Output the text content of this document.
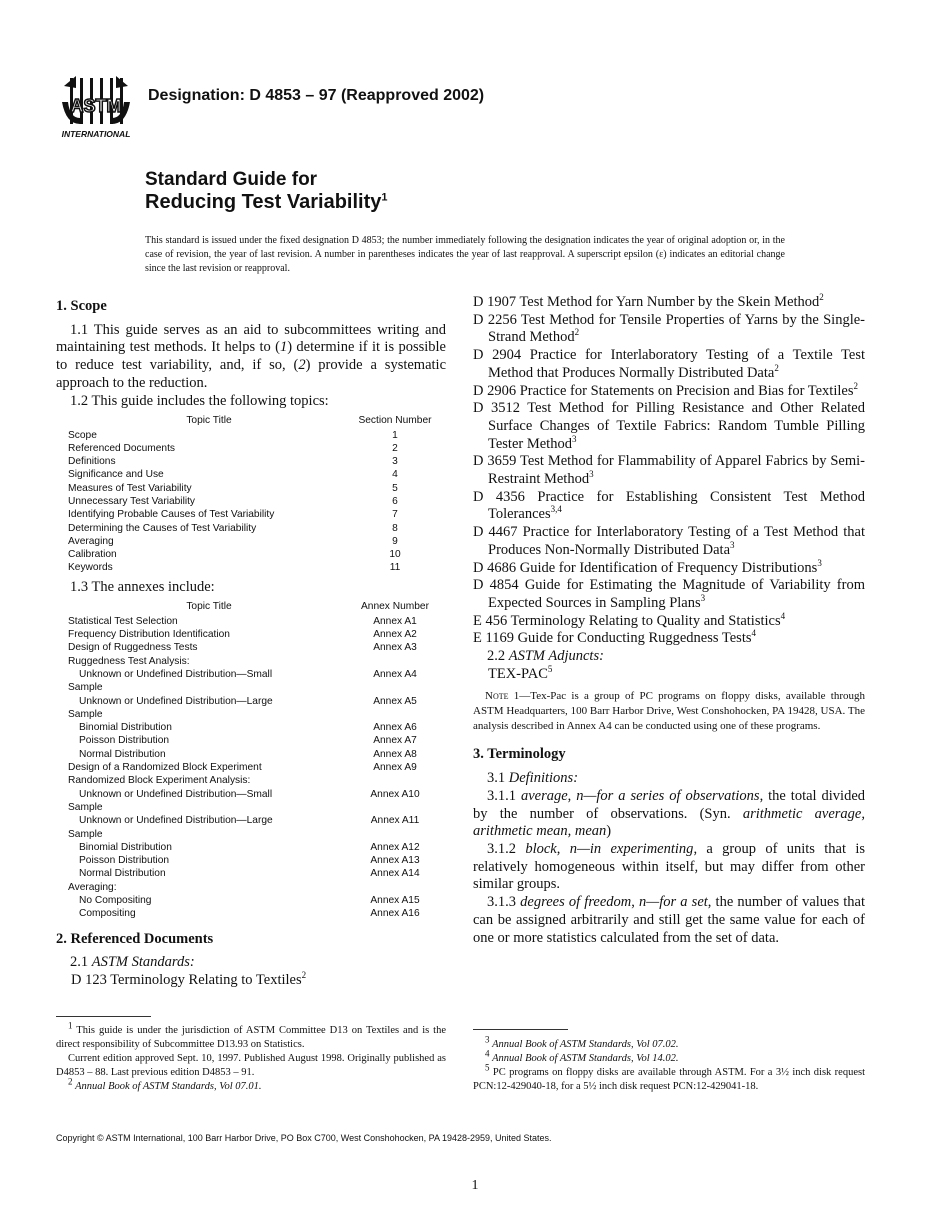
ASTM
INTERNATIONAL
Designation: D 4853 – 97 (Reapproved 2002)
Standard Guide for
Reducing Test Variability$^1$
This standard is issued under the fixed designation D 4853; the number immediately following the designation indicates the year of original adoption or, in the case of revision, the year of last revision. A number in parentheses indicates the year of last reapproval. A superscript epsilon (ε) indicates an editorial change since the last revision or reapproval.
1. Scope
1.1 This guide serves as an aid to subcommittees writing and maintaining test methods. It helps to (1) determine if it is possible to reduce test variability, and, if so, (2) provide a systematic approach to the reduction.
1.2 This guide includes the following topics:
Topic Title	Section Number
Scope	1
Referenced Documents	2
Definitions	3
Significance and Use	4
Measures of Test Variability	5
Unnecessary Test Variability	6
Identifying Probable Causes of Test Variability	7
Determining the Causes of Test Variability	8
Averaging	9
Calibration	10
Keywords	11
1.3 The annexes include:
Topic Title	Annex Number
Statistical Test Selection	Annex A1
Frequency Distribution Identification	Annex A2
Design of Ruggedness Tests	Annex A3
Ruggedness Test Analysis:	
Unknown or Undefined Distribution—Small	Annex A4
Sample	
Unknown or Undefined Distribution—Large	Annex A5
Sample	
Binomial Distribution	Annex A6
Poisson Distribution	Annex A7
Normal Distribution	Annex A8
Design of a Randomized Block Experiment	Annex A9
Randomized Block Experiment Analysis:	
Unknown or Undefined Distribution—Small	Annex A10
Sample	
Unknown or Undefined Distribution—Large	Annex A11
Sample	
Binomial Distribution	Annex A12
Poisson Distribution	Annex A13
Normal Distribution	Annex A14
Averaging:	
No Compositing	Annex A15
Compositing	Annex A16
2. Referenced Documents
2.1 ASTM Standards:
D 123 Terminology Relating to Textiles$^2$
D 1907 Test Method for Yarn Number by the Skein Method$^2$
D 2256 Test Method for Tensile Properties of Yarns by the Single-Strand Method$^2$
D 2904 Practice for Interlaboratory Testing of a Textile Test Method that Produces Normally Distributed Data$^2$
D 2906 Practice for Statements on Precision and Bias for Textiles$^2$
D 3512 Test Method for Pilling Resistance and Other Related Surface Changes of Textile Fabrics: Random Tumble Pilling Tester Method$^3$
D 3659 Test Method for Flammability of Apparel Fabrics by Semi-Restraint Method$^3$
D 4356 Practice for Establishing Consistent Test Method Tolerances$^{3,4}$
D 4467 Practice for Interlaboratory Testing of a Test Method that Produces Non-Normally Distributed Data$^3$
D 4686 Guide for Identification of Frequency Distributions$^3$
D 4854 Guide for Estimating the Magnitude of Variability from Expected Sources in Sampling Plans$^3$
E 456 Terminology Relating to Quality and Statistics$^4$
E 1169 Guide for Conducting Ruggedness Tests$^4$
2.2 ASTM Adjuncts:
TEX-PAC$^5$
Note 1—Tex-Pac is a group of PC programs on floppy disks, available through ASTM Headquarters, 100 Barr Harbor Drive, West Conshohocken, PA 19428, USA. The analysis described in Annex A4 can be conducted using one of these programs.
3. Terminology
3.1 Definitions:
3.1.1 average, n—for a series of observations, the total divided by the number of observations. (Syn. arithmetic average, arithmetic mean, mean)
3.1.2 block, n—in experimenting, a group of units that is relatively homogeneous within itself, but may differ from other similar groups.
3.1.3 degrees of freedom, n—for a set, the number of values that can be assigned arbitrarily and still get the same value for each of one or more statistics calculated from the set of data.

$^1$ This guide is under the jurisdiction of ASTM Committee D13 on Textiles and is the direct responsibility of Subcommittee D13.93 on Statistics.

Current edition approved Sept. 10, 1997. Published August 1998. Originally published as D4853 – 88. Last previous edition D4853 – 91.

$^2$ Annual Book of ASTM Standards, Vol 07.01.

$^3$ Annual Book of ASTM Standards, Vol 07.02.

$^4$ Annual Book of ASTM Standards, Vol 14.02.

$^5$ PC programs on floppy disks are available through ASTM. For a 3½ inch disk request PCN:12-429040-18, for a 5½ inch disk request PCN:12-429041-18.

Copyright © ASTM International, 100 Barr Harbor Drive, PO Box C700, West Conshohocken, PA 19428-2959, United States.
1
